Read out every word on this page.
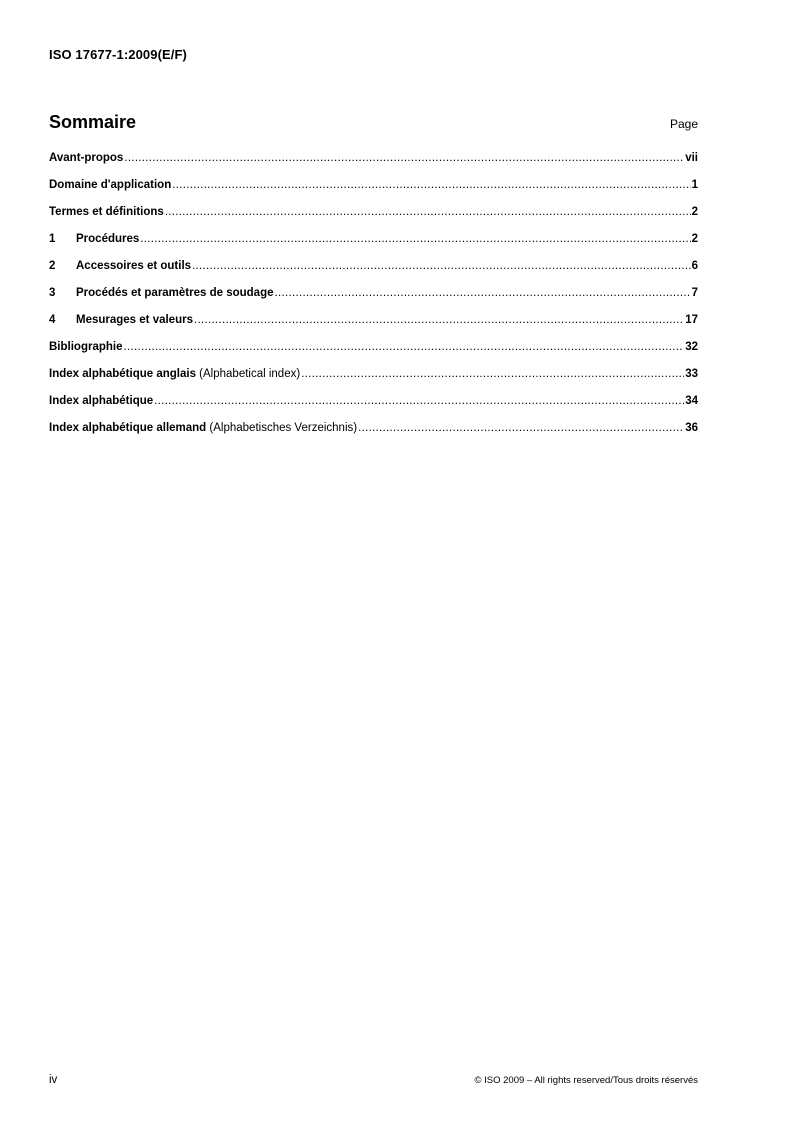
ISO 17677-1:2009(E/F)
Sommaire	Page
Avant-propos .....	vii
Domaine d'application .....	1
Termes et définitions .....	2
1	Procédures .....	2
2	Accessoires et outils .....	6
3	Procédés et paramètres de soudage .....	7
4	Mesurages et valeurs .....	17
Bibliographie .....	32
Index alphabétique anglais (Alphabetical index) .....	33
Index alphabétique .....	34
Index alphabétique allemand (Alphabetisches Verzeichnis) .....	36
iv	© ISO 2009 – All rights reserved/Tous droits réservés
